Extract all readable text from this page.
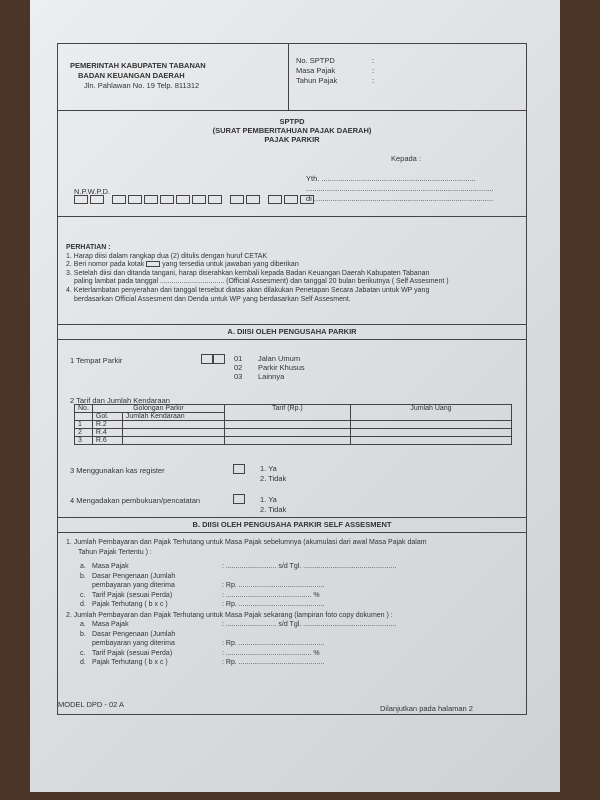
PEMERINTAH KABUPATEN TABANAN
BADAN KEUANGAN DAERAH
Jln. Pahlawan No. 19 Telp. 811312
No. SPTPD	:
Masa Pajak	:
Tahun Pajak	:
SPTPD
(SURAT PEMBERITAHUAN PAJAK DAERAH)
PAJAK PARKIR
Kepada :
Yth. ..........................................................................
..........................................................................................
di ......................................................................................
N.P.W.P.D.
PERHATIAN :
1. Harap diisi dalam rangkap dua (2) ditulis dengan huruf CETAK
2. Beri nomor pada kotak	yang tersedia untuk jawaban yang diberikan
3. Setelah diisi dan ditanda tangani, harap diserahkan kembali kepada Badan Keuangan Daerah Kabupaten Tabanan
paling lambat pada tanggal ................................. (Official Assesment) dan tanggal 20 bulan berikutnya ( Self Assesment )
4. Keterlambatan penyerahan dari tanggal tersebut diatas akan dilakukan Penetapan Secara Jabatan untuk WP yang
berdasarkan Official Assesment dan Denda untuk WP yang berdasarkan Self Assesment.
A. DIISI OLEH PENGUSAHA PARKIR
1 Tempat Parkir	01 Jalan Umum
02 Parkir Khusus
03 Lainnya
2 Tarif dan Jumlah Kendaraan
No.	Golongan Parkir		Tarif (Rp.)	Jumlah Uang
	Gol.	Jumlah Kendaraan		
1	R.2			
2	R.4			
3	R.6			
3 Menggunakan kas register	1. Ya
2. Tidak
4 Mengadakan pembukuan/pencatatan	1. Ya
2. Tidak
B. DIISI OLEH PENGUSAHA PARKIR SELF ASSESMENT
1. Jumlah Pembayaran dan Pajak Terhutang untuk Masa Pajak sebelumnya (akumulasi dari awal Masa Pajak dalam
Tahun Pajak Tertentu ) :
a. Masa Pajak	: .......................... s/d Tgl. ................................................
b. Dasar Pengenaan (Jumlah
pembayaran yang diterima	: Rp. ............................................
c. Tarif Pajak (sesuai Perda)	: ............................................ %
d. Pajak Terhutang ( b x c )	: Rp. ............................................
2. Jumlah Pembayaran dan Pajak Terhutang untuk Masa Pajak sekarang (lampiran foto copy dokumen ) :
a. Masa Pajak	: .......................... s/d Tgl. ................................................
b. Dasar Pengenaan (Jumlah
pembayaran yang diterima	: Rp. ............................................
c. Tarif Pajak (sesuai Perda)	: ............................................ %
d. Pajak Terhutang ( b x c )	: Rp. ............................................
MODEL DPD - 02 A	Dilanjutkan pada halaman 2
